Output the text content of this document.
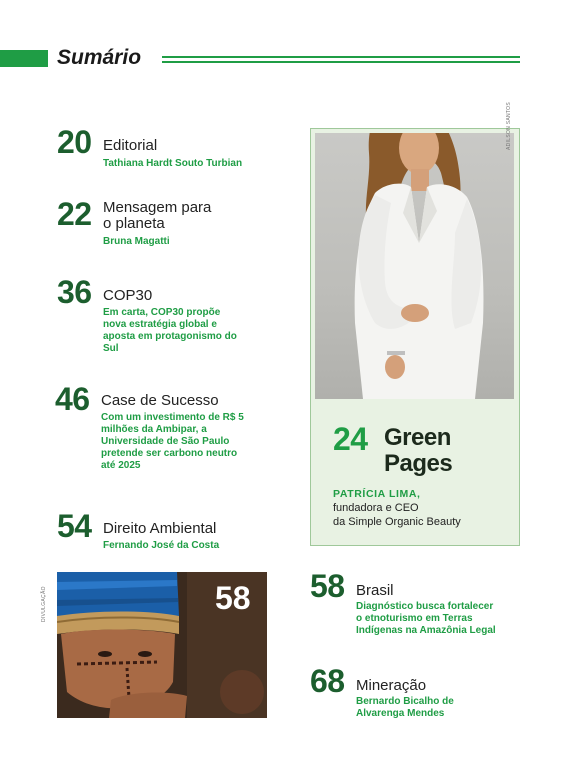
Sumário
20 Editorial
Tathiana Hardt Souto Turbian
22 Mensagem para o planeta
Bruna Magatti
36 COP30
Em carta, COP30 propõe nova estratégia global e aposta em protagonismo do Sul
46 Case de Sucesso
Com um investimento de R$ 5 milhões da Ambipar, a Universidade de São Paulo pretende ser carbono neutro até 2025
54 Direito Ambiental
Fernando José da Costa
24 Green
Pages
PATRÍCIA LIMA,
fundadora e CEO
da Simple Organic Beauty
ADILSON SANTOS
DIVULGAÇÃO	58 58 Brasil
Diagnóstico busca fortalecer o etnoturismo em Terras Indígenas na Amazônia Legal
68 Mineração
Bernardo Bicalho de Alvarenga Mendes
